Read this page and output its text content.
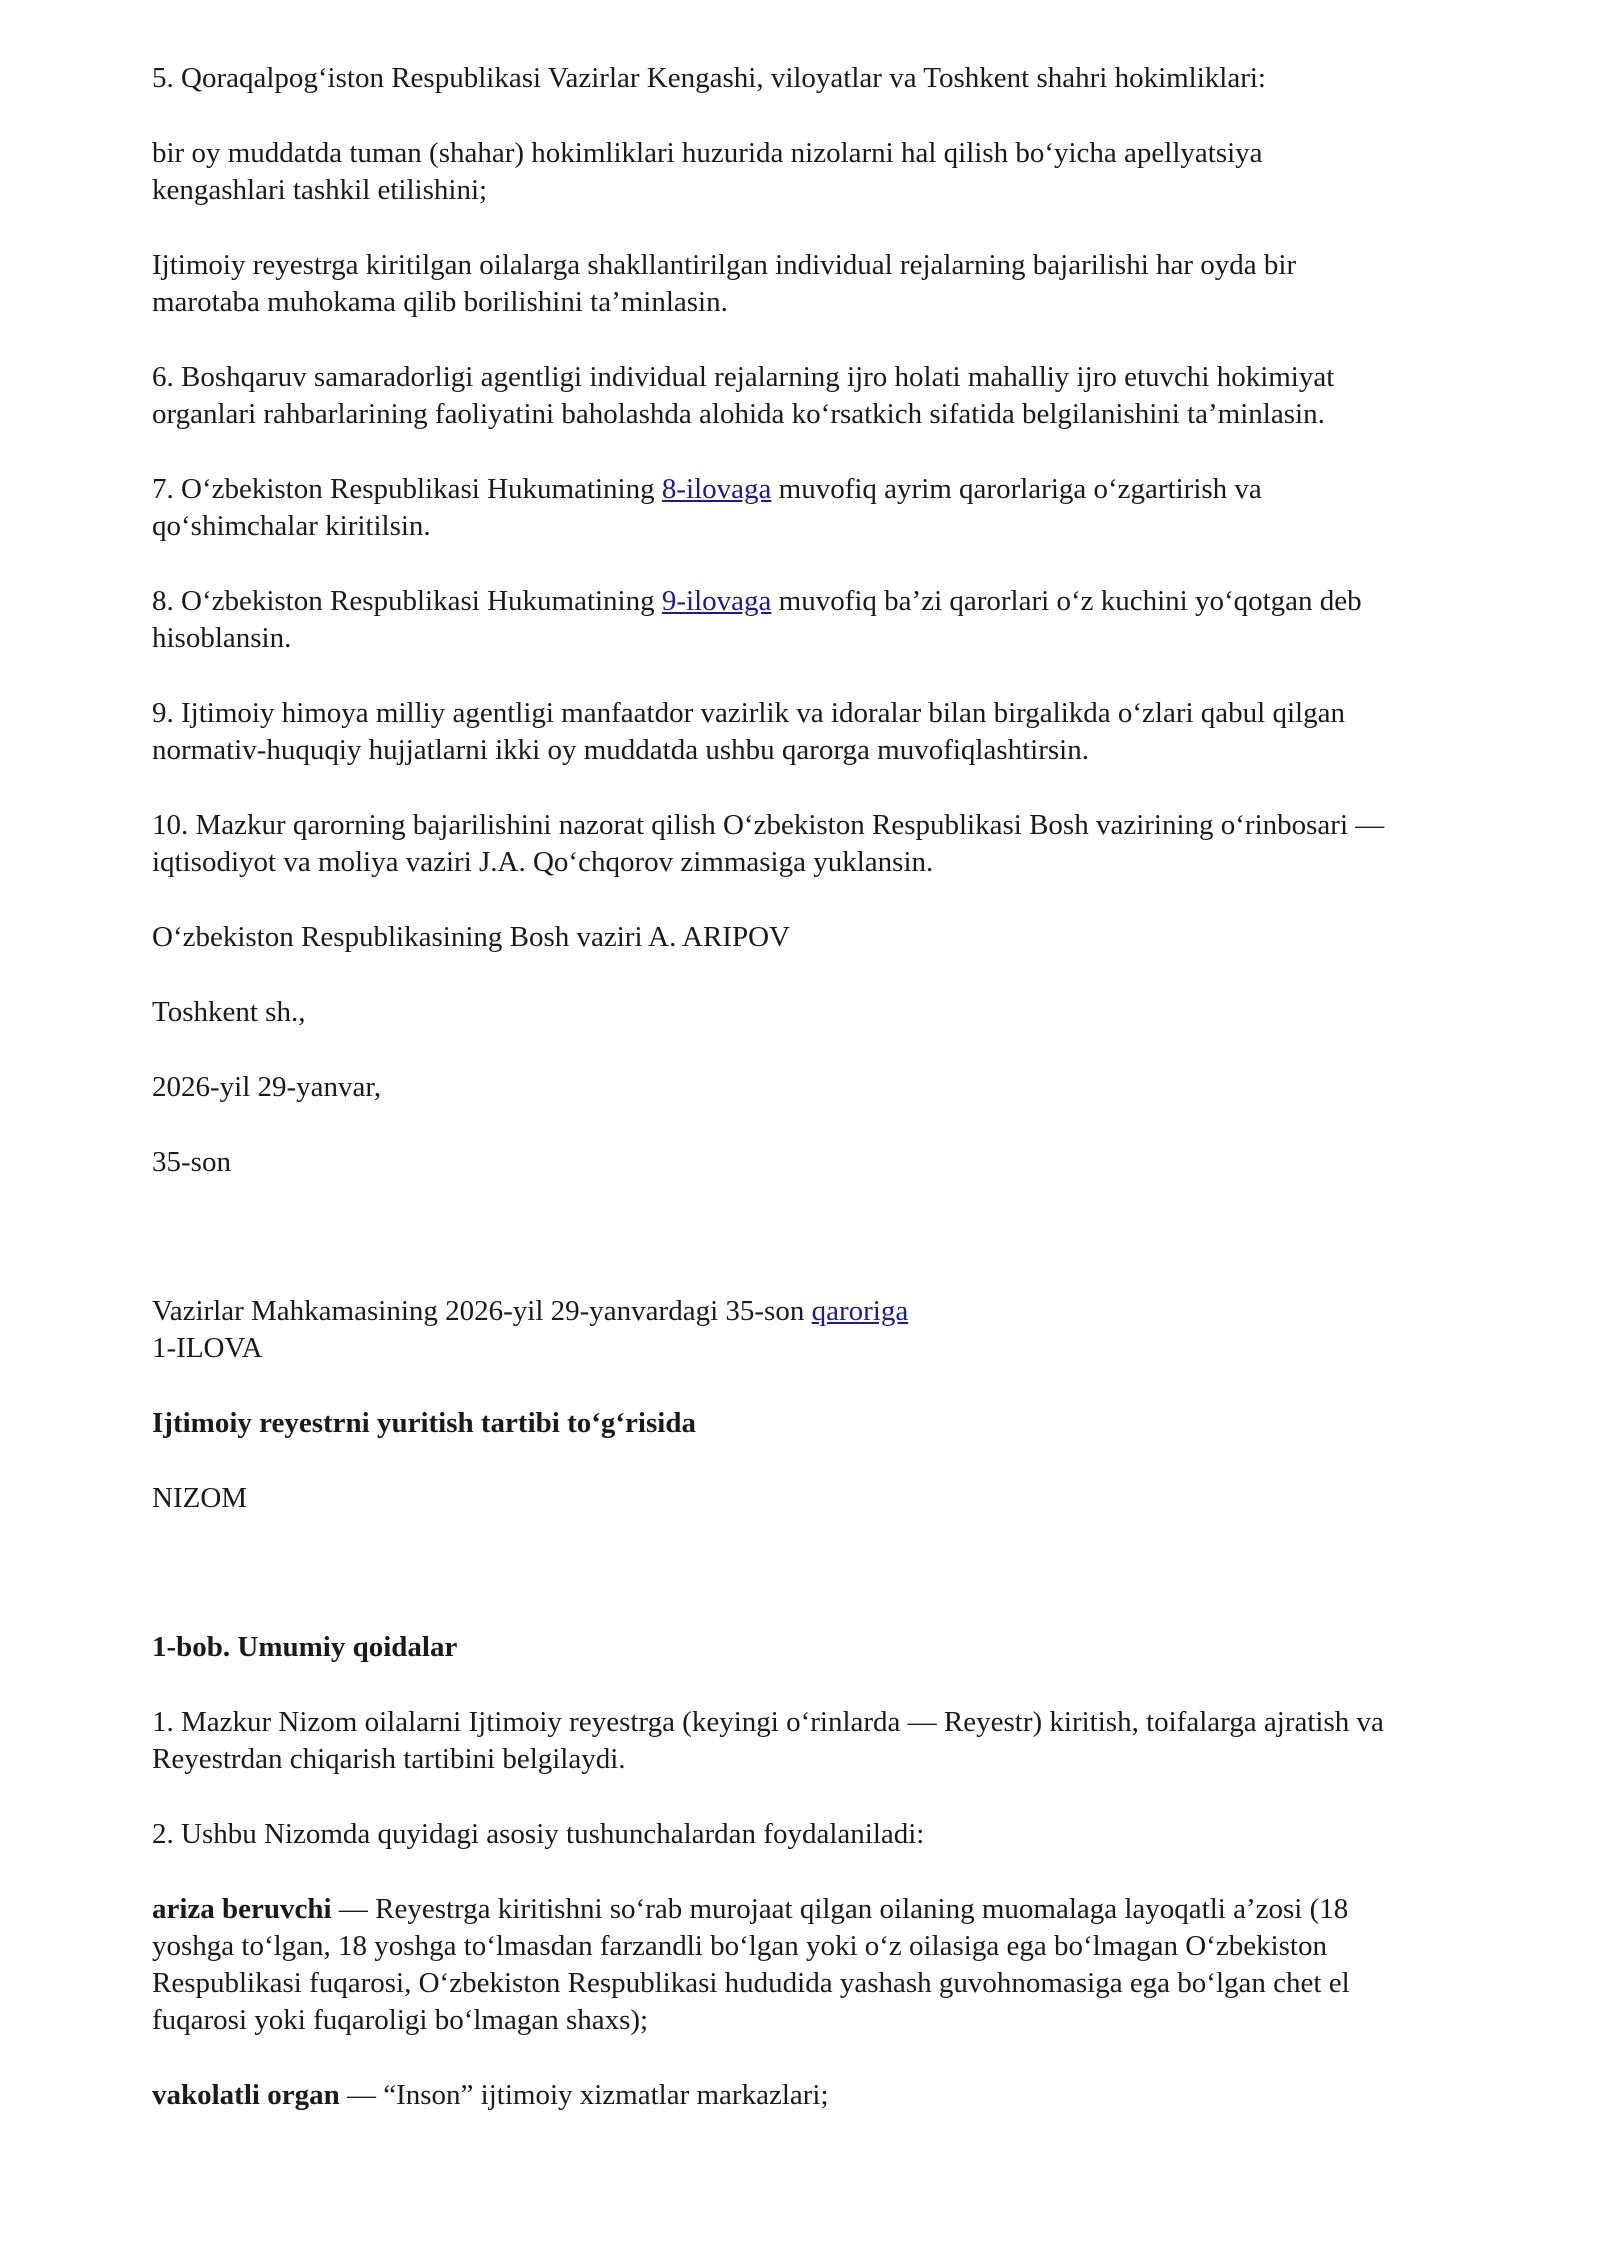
5. Qoraqalpog‘iston Respublikasi Vazirlar Kengashi, viloyatlar va Toshkent shahri hokimliklari:

bir oy muddatda tuman (shahar) hokimliklari huzurida nizolarni hal qilish bo‘yicha apellyatsiya
kengashlari tashkil etilishini;

Ijtimoiy reyestrga kiritilgan oilalarga shakllantirilgan individual rejalarning bajarilishi har oyda bir
marotaba muhokama qilib borilishini ta’minlasin.

6. Boshqaruv samaradorligi agentligi individual rejalarning ijro holati mahalliy ijro etuvchi hokimiyat
organlari rahbarlarining faoliyatini baholashda alohida ko‘rsatkich sifatida belgilanishini ta’minlasin.

7. O‘zbekiston Respublikasi Hukumatining 8-ilovaga muvofiq ayrim qarorlariga o‘zgartirish va
qo‘shimchalar kiritilsin.

8. O‘zbekiston Respublikasi Hukumatining 9-ilovaga muvofiq ba’zi qarorlari o‘z kuchini yo‘qotgan deb
hisoblansin.

9. Ijtimoiy himoya milliy agentligi manfaatdor vazirlik va idoralar bilan birgalikda o‘zlari qabul qilgan
normativ-huquqiy hujjatlarni ikki oy muddatda ushbu qarorga muvofiqlashtirsin.

10. Mazkur qarorning bajarilishini nazorat qilish O‘zbekiston Respublikasi Bosh vazirining o‘rinbosari —
iqtisodiyot va moliya vaziri J.A. Qo‘chqorov zimmasiga yuklansin.

O‘zbekiston Respublikasining Bosh vaziri A. ARIPOV

Toshkent sh.,

2026-yil 29-yanvar,

35-son

Vazirlar Mahkamasining 2026-yil 29-yanvardagi 35-son qaroriga
1-ILOVA

Ijtimoiy reyestrni yuritish tartibi to‘g‘risida

NIZOM

1-bob. Umumiy qoidalar

1. Mazkur Nizom oilalarni Ijtimoiy reyestrga (keyingi o‘rinlarda — Reyestr) kiritish, toifalarga ajratish va
Reyestrdan chiqarish tartibini belgilaydi.

2. Ushbu Nizomda quyidagi asosiy tushunchalardan foydalaniladi:

ariza beruvchi — Reyestrga kiritishni so‘rab murojaat qilgan oilaning muomalaga layoqatli a’zosi (18
yoshga to‘lgan, 18 yoshga to‘lmasdan farzandli bo‘lgan yoki o‘z oilasiga ega bo‘lmagan O‘zbekiston
Respublikasi fuqarosi, O‘zbekiston Respublikasi hududida yashash guvohnomasiga ega bo‘lgan chet el
fuqarosi yoki fuqaroligi bo‘lmagan shaxs);

vakolatli organ — “Inson” ijtimoiy xizmatlar markazlari;
